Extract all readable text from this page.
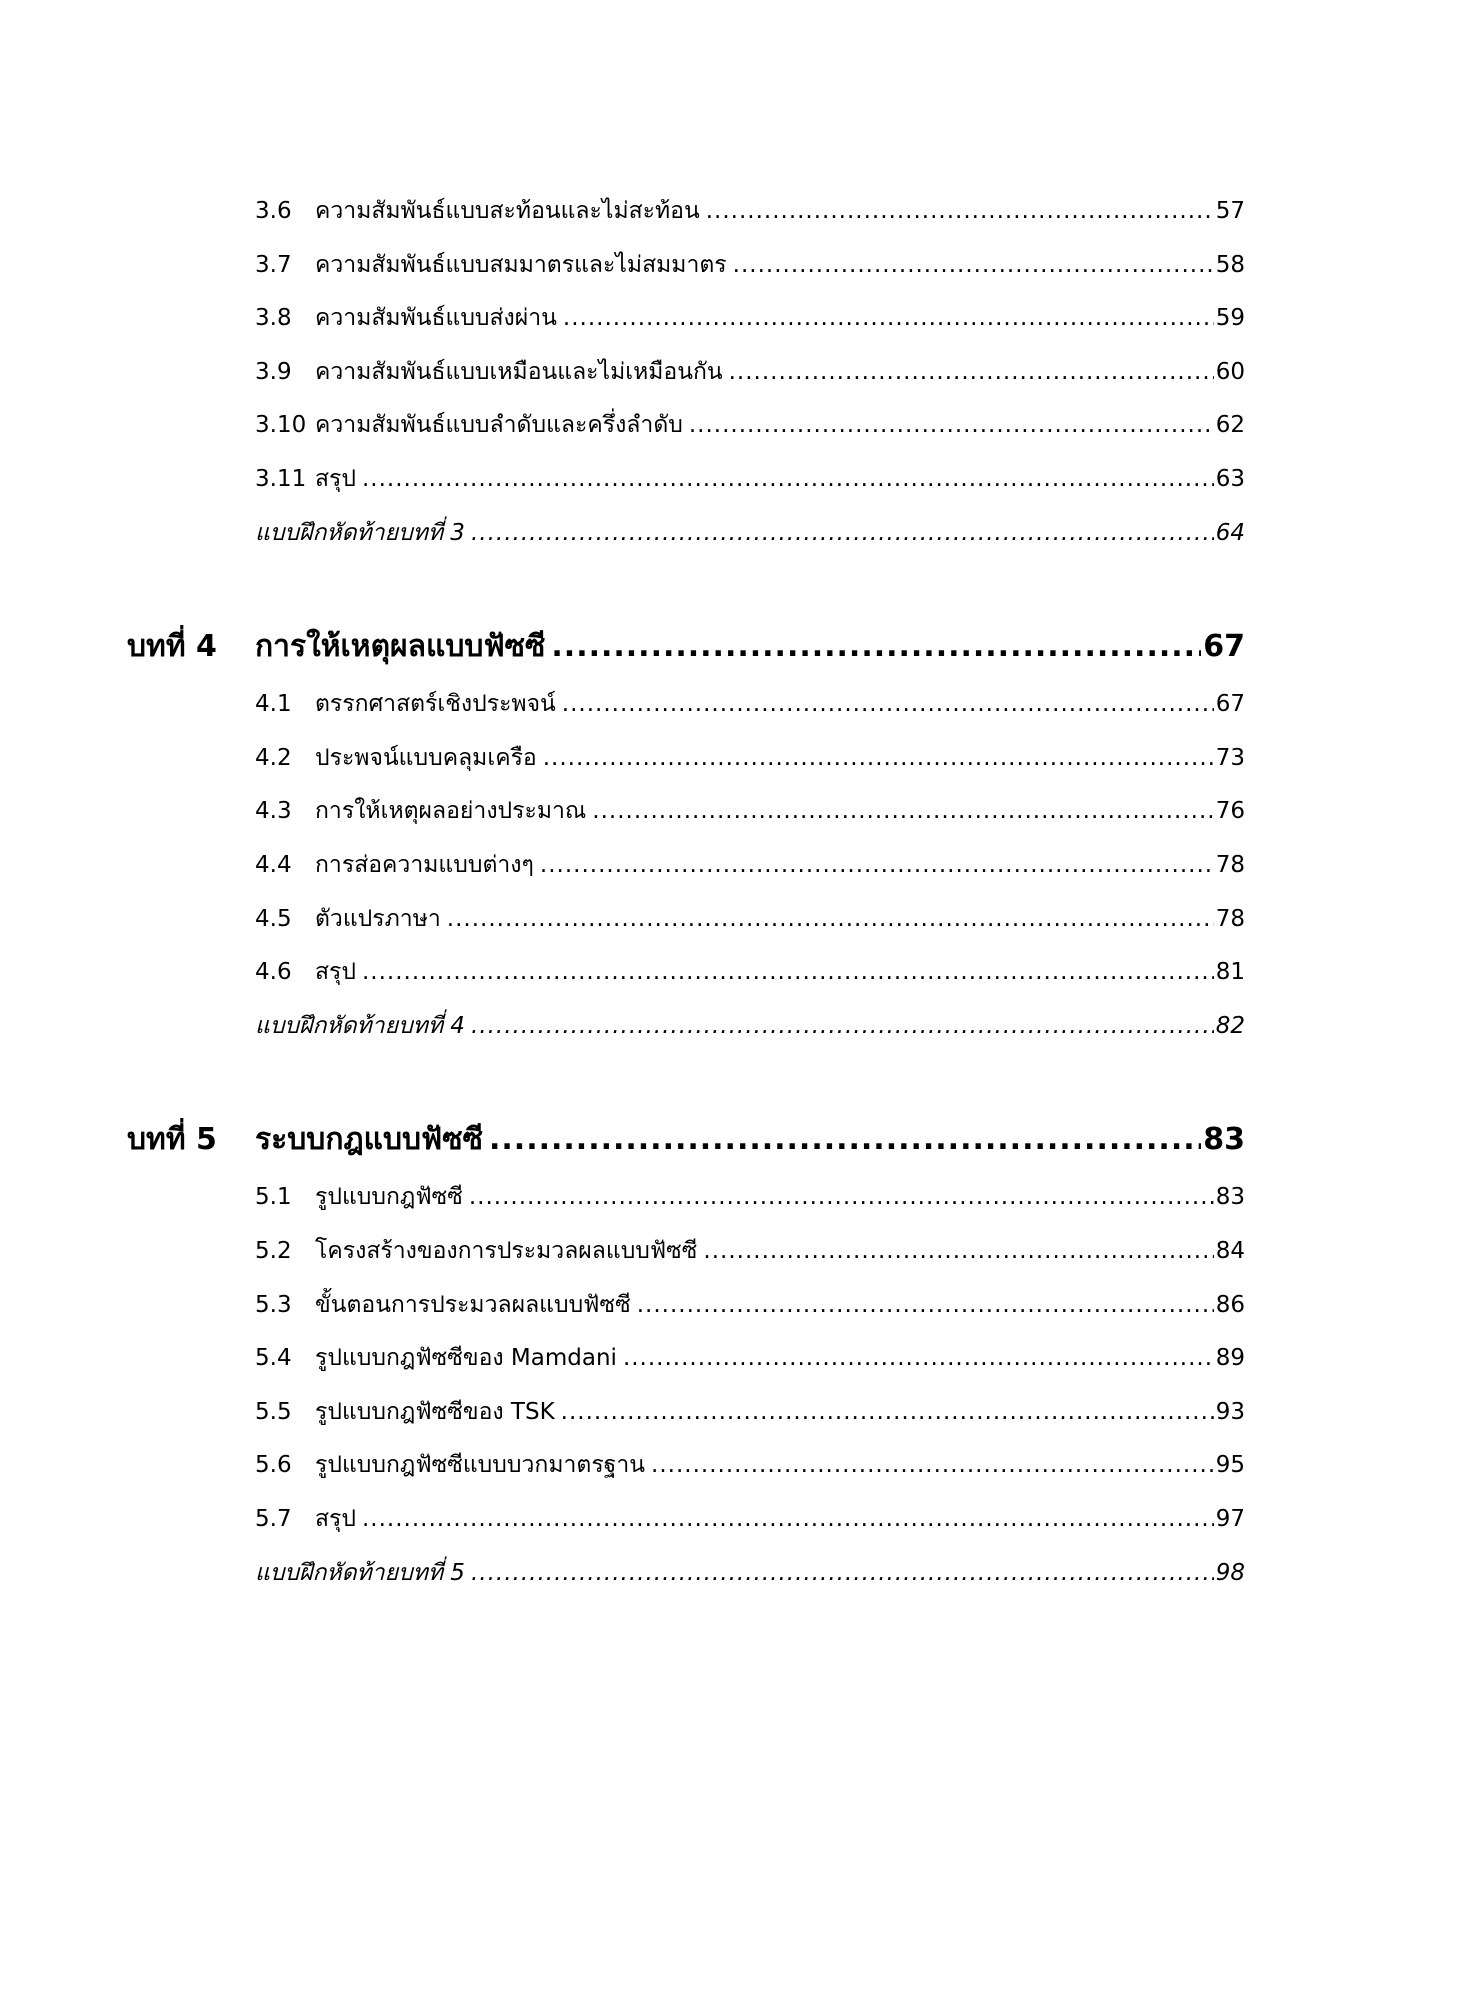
3.6	ความสัมพันธ์แบบสะท้อนและไม่สะท้อน .....	57
3.7	ความสัมพันธ์แบบสมมาตรและไม่สมมาตร .....	58
3.8	ความสัมพันธ์แบบส่งผ่าน .....	59
3.9	ความสัมพันธ์แบบเหมือนและไม่เหมือนกัน .....	60
3.10 ความสัมพันธ์แบบลำดับและครึ่งลำดับ .....	62
3.11 สรุป .....	63
แบบฝึกหัดท้ายบทที่ 3 .....	64
บทที่ 4	การให้เหตุผลแบบฟัซซี .....	67
4.1	ตรรกศาสตร์เชิงประพจน์ .....	67
4.2	ประพจน์แบบคลุมเครือ .....	73
4.3	การให้เหตุผลอย่างประมาณ .....	76
4.4	การส่อความแบบต่างๆ .....	78
4.5	ตัวแปรภาษา .....	78
4.6	สรุป .....	81
แบบฝึกหัดท้ายบทที่ 4 .....	82
บทที่ 5	ระบบกฎแบบฟัซซี .....	83
5.1	รูปแบบกฎฟัซซี .....	83
5.2	โครงสร้างของการประมวลผลแบบฟัซซี .....	84
5.3	ขั้นตอนการประมวลผลแบบฟัซซี .....	86
5.4	รูปแบบกฎฟัซซีของ Mamdani .....	89
5.5	รูปแบบกฎฟัซซีของ TSK .....	93
5.6	รูปแบบกฎฟัซซีแบบบวกมาตรฐาน .....	95
5.7	สรุป .....	97
แบบฝึกหัดท้ายบทที่ 5 .....	98
